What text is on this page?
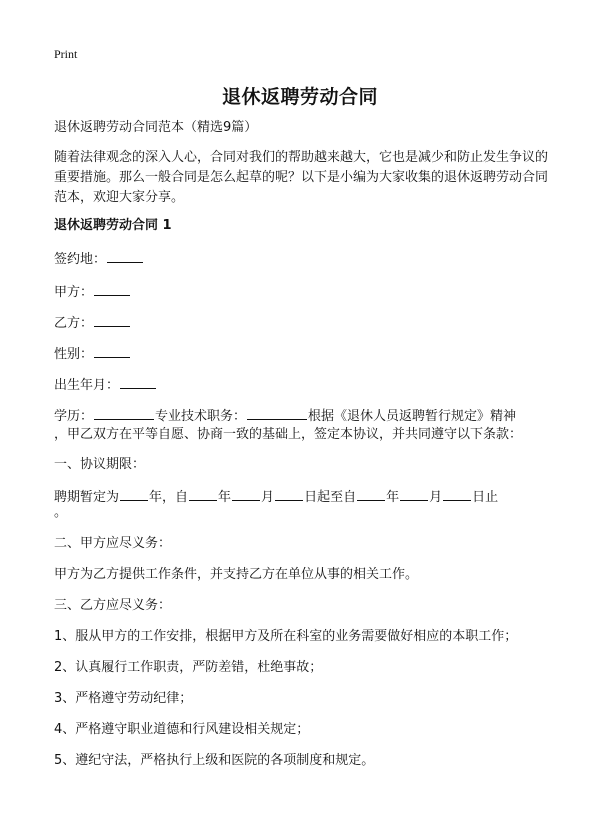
Print
退休返聘劳动合同
退休返聘劳动合同范本（精选9篇）
随着法律观念的深入人心，合同对我们的帮助越来越大，它也是减少和防止发生争议的重要措施。那么一般合同是怎么起草的呢？以下是小编为大家收集的退休返聘劳动合同范本，欢迎大家分享。
退休返聘劳动合同 1
签约地：
甲方：
乙方：
性别：
出生年月：
学历：	专业技术职务：	根据《退休人员返聘暂行规定》精神
，甲乙双方在平等自愿、协商一致的基础上，签定本协议，并共同遵守以下条款：
一、协议期限：
聘期暂定为 年，自 年 月 日起至自 年 月 日止
。
二、甲方应尽义务：
甲方为乙方提供工作条件，并支持乙方在单位从事的相关工作。
三、乙方应尽义务：
1、服从甲方的工作安排，根据甲方及所在科室的业务需要做好相应的本职工作；
2、认真履行工作职责，严防差错，杜绝事故；
3、严格遵守劳动纪律；
4、严格遵守职业道德和行风建设相关规定；
5、遵纪守法，严格执行上级和医院的各项制度和规定。
